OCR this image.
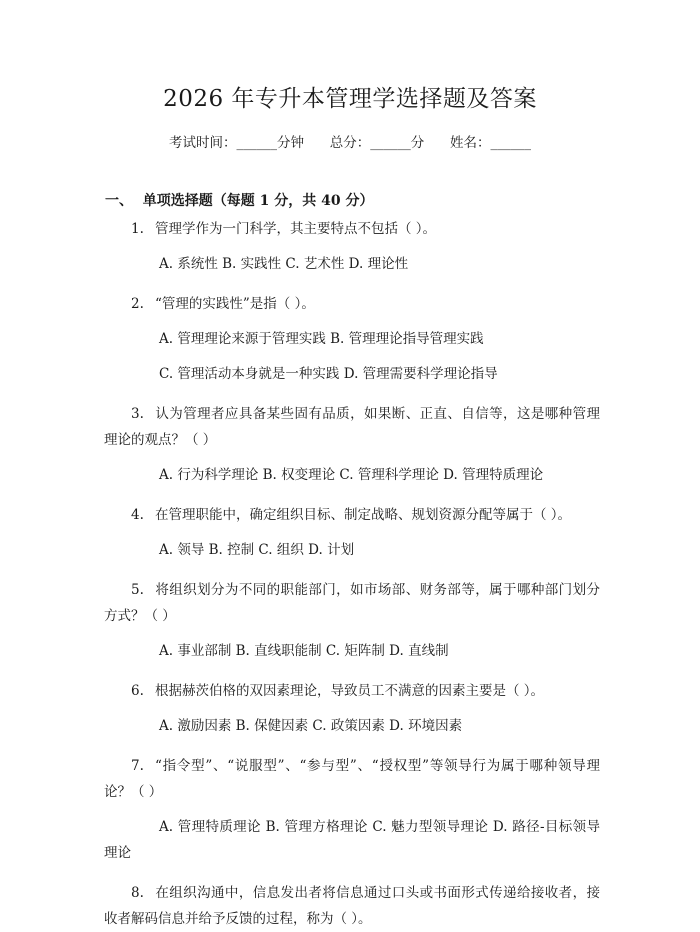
2026 年专升本管理学选择题及答案

考试时间：______分钟      总分：______分      姓名：______

一、  单项选择题（每题 1 分，共 40 分）

1. 管理学作为一门科学，其主要特点不包括（ ）。

A. 系统性 B. 实践性 C. 艺术性 D. 理论性

2. “管理的实践性”是指（ ）。

A. 管理理论来源于管理实践 B. 管理理论指导管理实践

C. 管理活动本身就是一种实践 D. 管理需要科学理论指导

3. 认为管理者应具备某些固有品质，如果断、正直、自信等，这是哪种管理理论的观点？（ ）

A. 行为科学理论 B. 权变理论 C. 管理科学理论 D. 管理特质理论

4. 在管理职能中，确定组织目标、制定战略、规划资源分配等属于（ ）。

A. 领导 B. 控制 C. 组织 D. 计划

5. 将组织划分为不同的职能部门，如市场部、财务部等，属于哪种部门划分方式？（ ）

A. 事业部制 B. 直线职能制 C. 矩阵制 D. 直线制

6. 根据赫茨伯格的双因素理论，导致员工不满意的因素主要是（ ）。

A. 激励因素 B. 保健因素 C. 政策因素 D. 环境因素

7. “指令型”、“说服型”、“参与型”、“授权型”等领导行为属于哪种领导理论？（ ）

A. 管理特质理论 B. 管理方格理论 C. 魅力型领导理论 D. 路径-目标领导理论

8. 在组织沟通中，信息发出者将信息通过口头或书面形式传递给接收者，接收者解码信息并给予反馈的过程，称为（ ）。
